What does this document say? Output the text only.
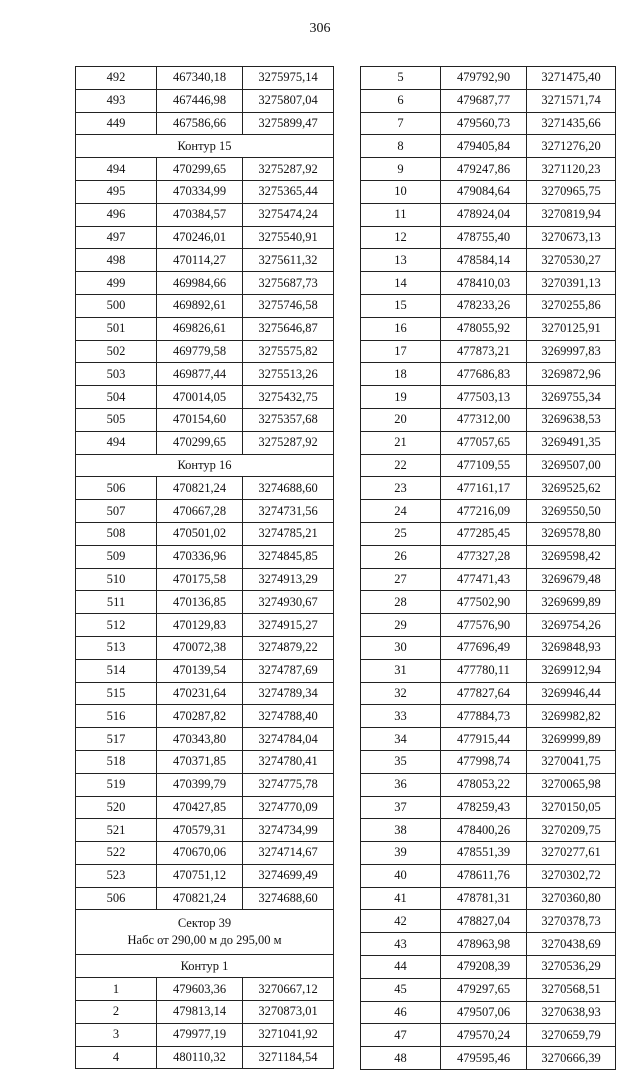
306
492	467340,18	3275975,14
493	467446,98	3275807,04
449	467586,66	3275899,47
Контур 15		
494	470299,65	3275287,92
495	470334,99	3275365,44
496	470384,57	3275474,24
497	470246,01	3275540,91
498	470114,27	3275611,32
499	469984,66	3275687,73
500	469892,61	3275746,58
501	469826,61	3275646,87
502	469779,58	3275575,82
503	469877,44	3275513,26
504	470014,05	3275432,75
505	470154,60	3275357,68
494	470299,65	3275287,92
Контур 16		
506	470821,24	3274688,60
507	470667,28	3274731,56
508	470501,02	3274785,21
509	470336,96	3274845,85
510	470175,58	3274913,29
511	470136,85	3274930,67
512	470129,83	3274915,27
513	470072,38	3274879,22
514	470139,54	3274787,69
515	470231,64	3274789,34
516	470287,82	3274788,40
517	470343,80	3274784,04
518	470371,85	3274780,41
519	470399,79	3274775,78
520	470427,85	3274770,09
521	470579,31	3274734,99
522	470670,06	3274714,67
523	470751,12	3274699,49
506	470821,24	3274688,60

Сектор 39
Набс от 290,00 м до 295,00 м		

Контур 1		
1	479603,36	3270667,12
2	479813,14	3270873,01
3	479977,19	3271041,92
4	480110,32	3271184,54
5	479792,90	3271475,40
6	479687,77	3271571,74
7	479560,73	3271435,66
8	479405,84	3271276,20
9	479247,86	3271120,23
10	479084,64	3270965,75
11	478924,04	3270819,94
12	478755,40	3270673,13
13	478584,14	3270530,27
14	478410,03	3270391,13
15	478233,26	3270255,86
16	478055,92	3270125,91
17	477873,21	3269997,83
18	477686,83	3269872,96
19	477503,13	3269755,34
20	477312,00	3269638,53
21	477057,65	3269491,35
22	477109,55	3269507,00
23	477161,17	3269525,62
24	477216,09	3269550,50
25	477285,45	3269578,80
26	477327,28	3269598,42
27	477471,43	3269679,48
28	477502,90	3269699,89
29	477576,90	3269754,26
30	477696,49	3269848,93
31	477780,11	3269912,94
32	477827,64	3269946,44
33	477884,73	3269982,82
34	477915,44	3269999,89
35	477998,74	3270041,75
36	478053,22	3270065,98
37	478259,43	3270150,05
38	478400,26	3270209,75
39	478551,39	3270277,61
40	478611,76	3270302,72
41	478781,31	3270360,80
42	478827,04	3270378,73
43	478963,98	3270438,69
44	479208,39	3270536,29
45	479297,65	3270568,51
46	479507,06	3270638,93
47	479570,24	3270659,79
48	479595,46	3270666,39
